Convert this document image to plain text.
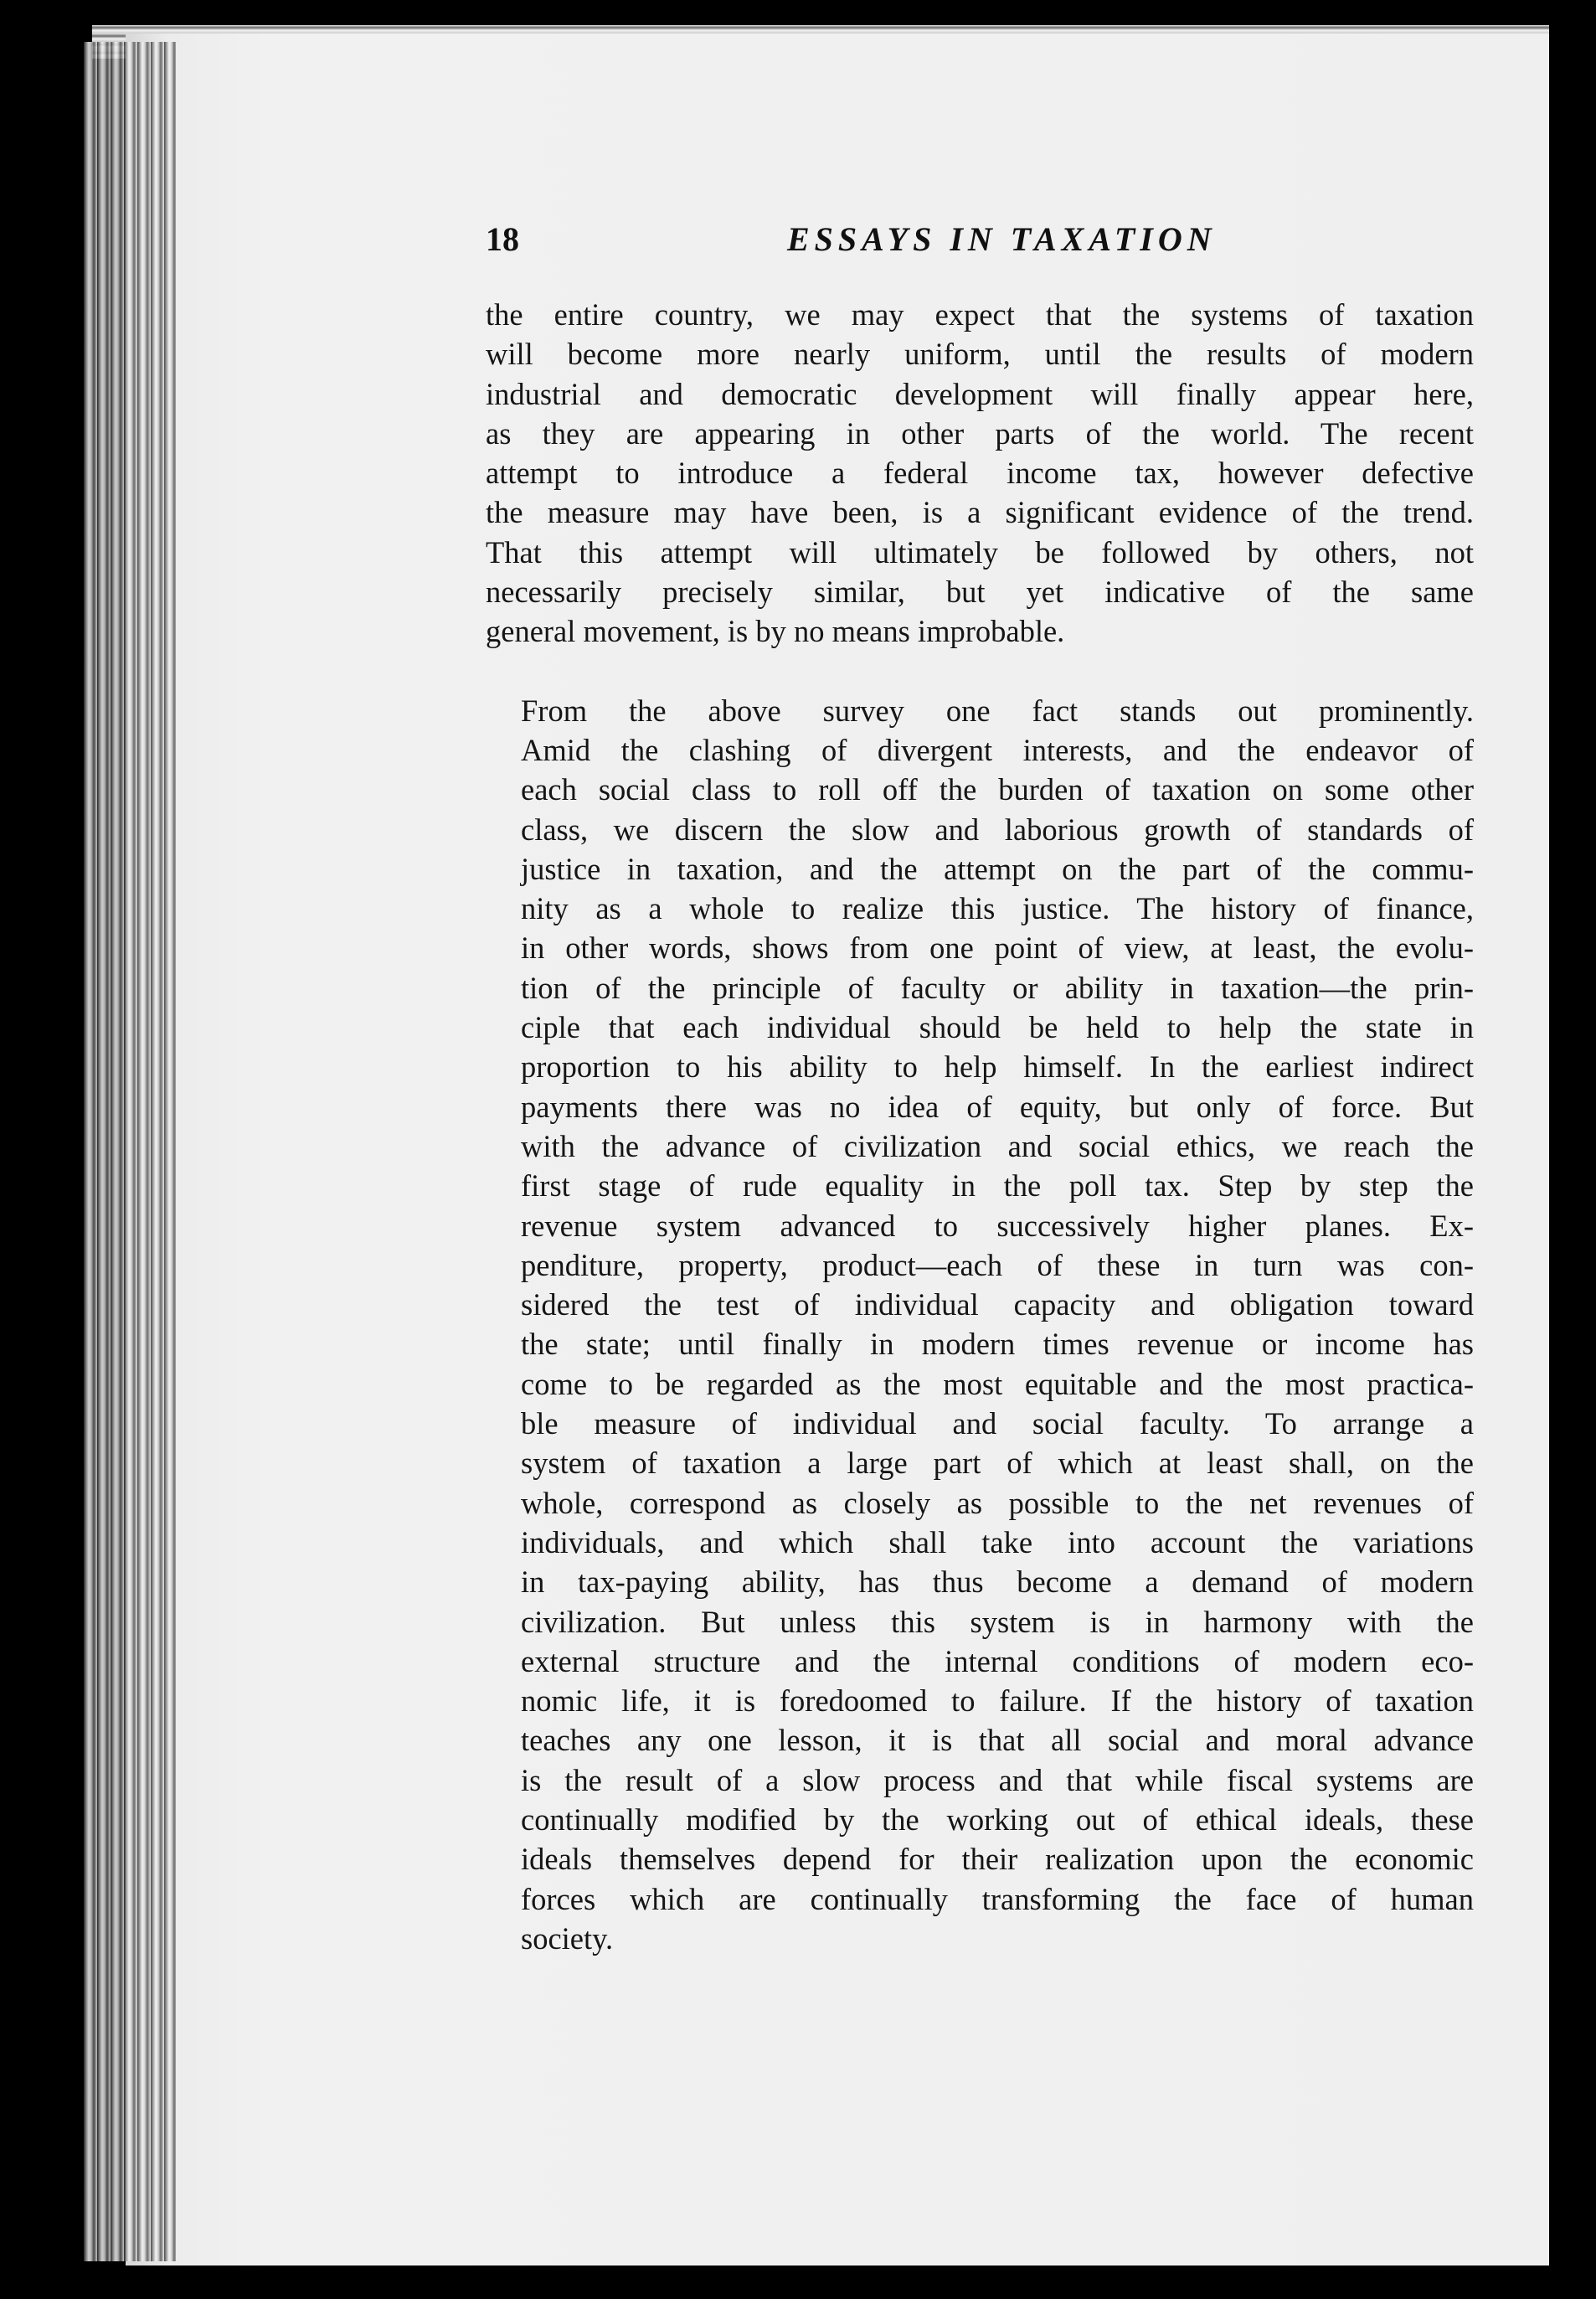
18	ESSAYS IN TAXATION

the entire country, we may expect that the systems of taxation
will become more nearly uniform, until the results of modern
industrial and democratic development will finally appear here,
as they are appearing in other parts of the world. The recent
attempt to introduce a federal income tax, however defective
the measure may have been, is a significant evidence of the trend.
That this attempt will ultimately be followed by others, not
necessarily precisely similar, but yet indicative of the same
general movement, is by no means improbable.

From the above survey one fact stands out prominently.
Amid the clashing of divergent interests, and the endeavor of
each social class to roll off the burden of taxation on some other
class, we discern the slow and laborious growth of standards of
justice in taxation, and the attempt on the part of the commu-
nity as a whole to realize this justice. The history of finance,
in other words, shows from one point of view, at least, the evolu-
tion of the principle of faculty or ability in taxation—the prin-
ciple that each individual should be held to help the state in
proportion to his ability to help himself. In the earliest indirect
payments there was no idea of equity, but only of force. But
with the advance of civilization and social ethics, we reach the
first stage of rude equality in the poll tax. Step by step the
revenue system advanced to successively higher planes. Ex-
penditure, property, product—each of these in turn was con-
sidered the test of individual capacity and obligation toward
the state; until finally in modern times revenue or income has
come to be regarded as the most equitable and the most practica-
ble measure of individual and social faculty. To arrange a
system of taxation a large part of which at least shall, on the
whole, correspond as closely as possible to the net revenues of
individuals, and which shall take into account the variations
in tax-paying ability, has thus become a demand of modern
civilization. But unless this system is in harmony with the
external structure and the internal conditions of modern eco-
nomic life, it is foredoomed to failure. If the history of taxation
teaches any one lesson, it is that all social and moral advance
is the result of a slow process and that while fiscal systems are
continually modified by the working out of ethical ideals, these
ideals themselves depend for their realization upon the economic
forces which are continually transforming the face of human
society.
